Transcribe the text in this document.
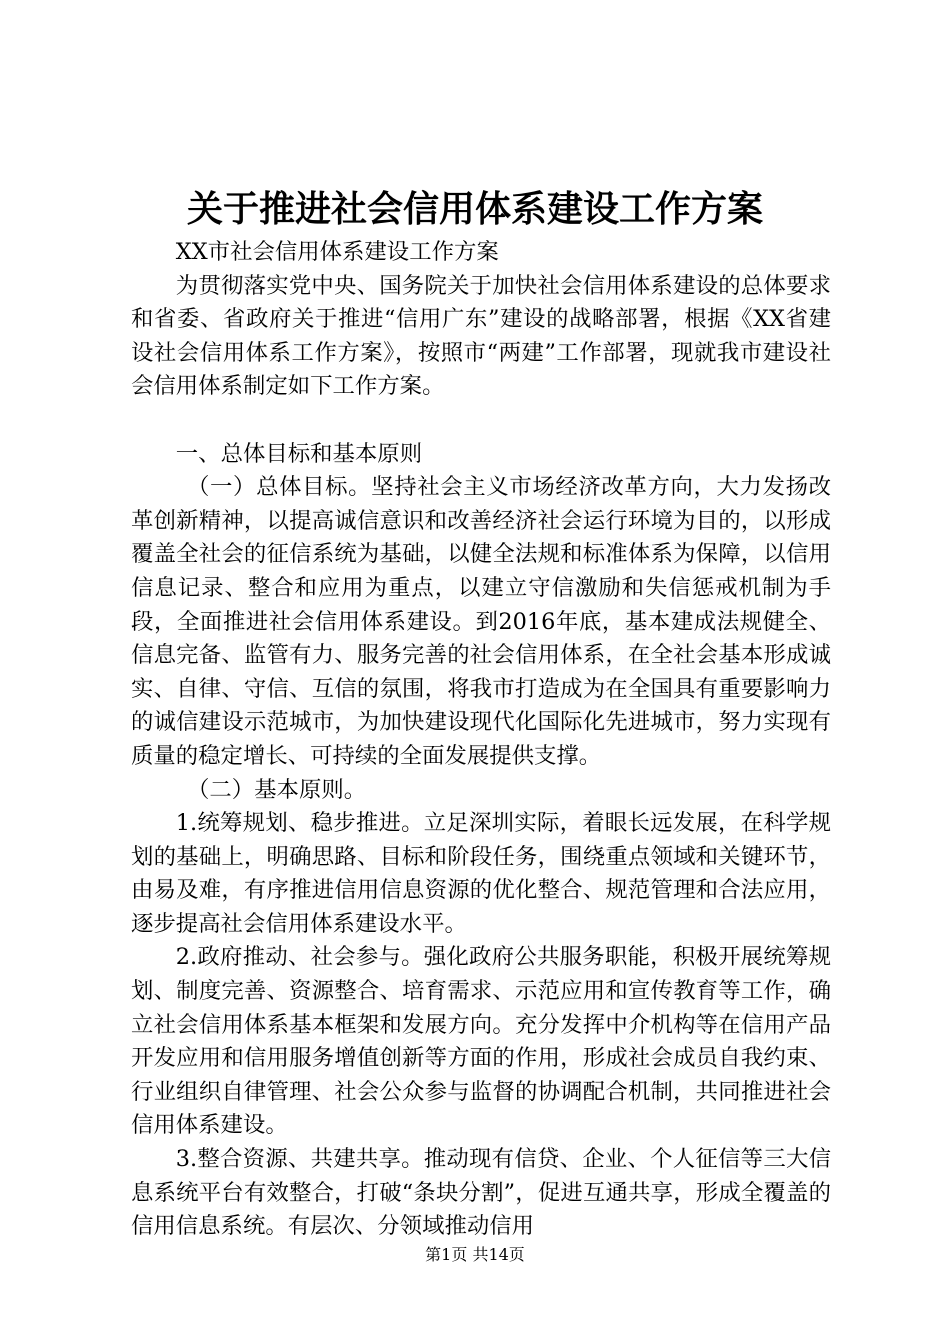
关于推进社会信用体系建设工作方案

XX市社会信用体系建设工作方案

为贯彻落实党中央、国务院关于加快社会信用体系建设的总体要求和省委、省政府关于推进“信用广东”建设的战略部署，根据《XX省建设社会信用体系工作方案》，按照市“两建”工作部署，现就我市建设社会信用体系制定如下工作方案。

一、总体目标和基本原则

（一）总体目标。坚持社会主义市场经济改革方向，大力发扬改革创新精神，以提高诚信意识和改善经济社会运行环境为目的，以形成覆盖全社会的征信系统为基础，以健全法规和标准体系为保障，以信用信息记录、整合和应用为重点，以建立守信激励和失信惩戒机制为手段，全面推进社会信用体系建设。到2016年底，基本建成法规健全、信息完备、监管有力、服务完善的社会信用体系，在全社会基本形成诚实、自律、守信、互信的氛围，将我市打造成为在全国具有重要影响力的诚信建设示范城市，为加快建设现代化国际化先进城市，努力实现有质量的稳定增长、可持续的全面发展提供支撑。

（二）基本原则。

1.统筹规划、稳步推进。立足深圳实际，着眼长远发展，在科学规划的基础上，明确思路、目标和阶段任务，围绕重点领域和关键环节，由易及难，有序推进信用信息资源的优化整合、规范管理和合法应用，逐步提高社会信用体系建设水平。

2.政府推动、社会参与。强化政府公共服务职能，积极开展统筹规划、制度完善、资源整合、培育需求、示范应用和宣传教育等工作，确立社会信用体系基本框架和发展方向。充分发挥中介机构等在信用产品开发应用和信用服务增值创新等方面的作用，形成社会成员自我约束、行业组织自律管理、社会公众参与监督的协调配合机制，共同推进社会信用体系建设。

3.整合资源、共建共享。推动现有信贷、企业、个人征信等三大信息系统平台有效整合，打破“条块分割”，促进互通共享，形成全覆盖的信用信息系统。有层次、分领域推动信用

第1页 共14页
